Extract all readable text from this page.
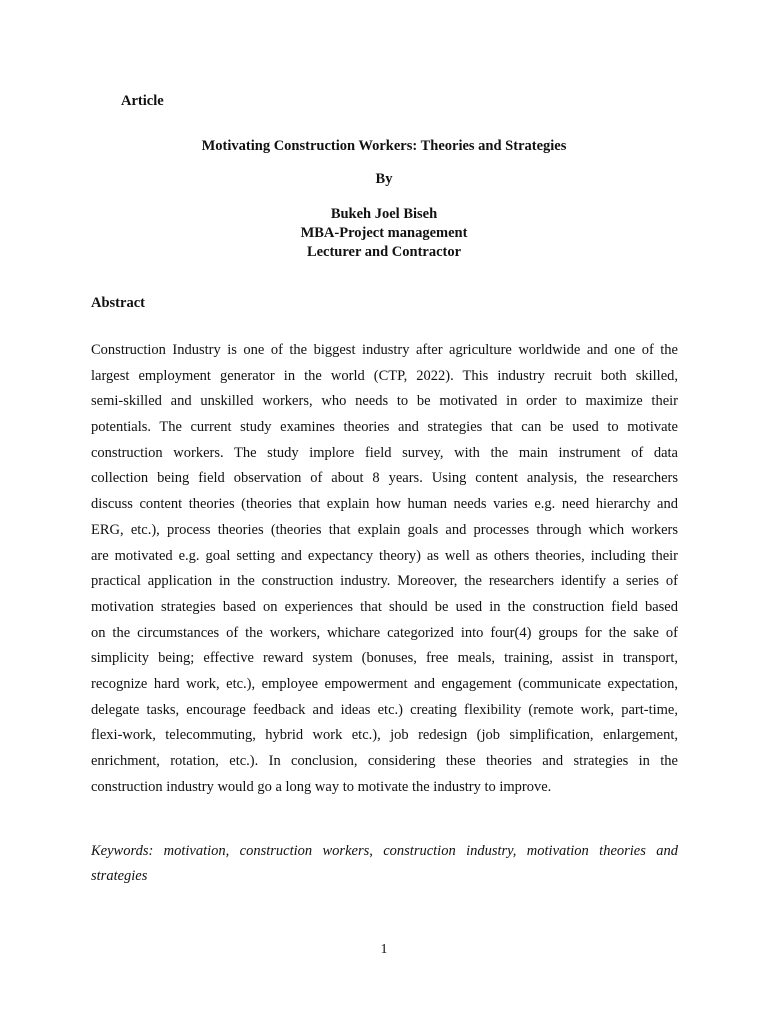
Article
Motivating Construction Workers: Theories and Strategies
By
Bukeh Joel Biseh
MBA-Project management
Lecturer and Contractor
Abstract
Construction Industry is one of the biggest industry after agriculture worldwide and one of the
largest employment generator in the world (CTP, 2022). This industry recruit both skilled,
semi-skilled and unskilled workers, who needs to be motivated in order to maximize their
potentials. The current study examines theories and strategies that can be used to motivate
construction workers. The study implore field survey, with the main instrument of data
collection being field observation of about 8 years. Using content analysis, the researchers
discuss content theories (theories that explain how human needs varies e.g. need hierarchy and
ERG, etc.), process theories (theories that explain goals and processes through which workers
are motivated e.g. goal setting and expectancy theory) as well as others theories, including their
practical application in the construction industry. Moreover, the researchers identify a series of
motivation strategies based on experiences that should be used in the construction field based
on the circumstances of the workers, whichare categorized into four(4) groups for the sake of
simplicity being; effective reward system (bonuses, free meals, training, assist in transport,
recognize hard work, etc.), employee empowerment and engagement (communicate expectation,
delegate tasks, encourage feedback and ideas etc.) creating flexibility (remote work, part-time,
flexi-work, telecommuting, hybrid work etc.), job redesign (job simplification, enlargement,
enrichment, rotation, etc.). In conclusion, considering these theories and strategies in the
construction industry would go a long way to motivate the industry to improve.
Keywords: motivation, construction workers, construction industry, motivation theories and
strategies
1
